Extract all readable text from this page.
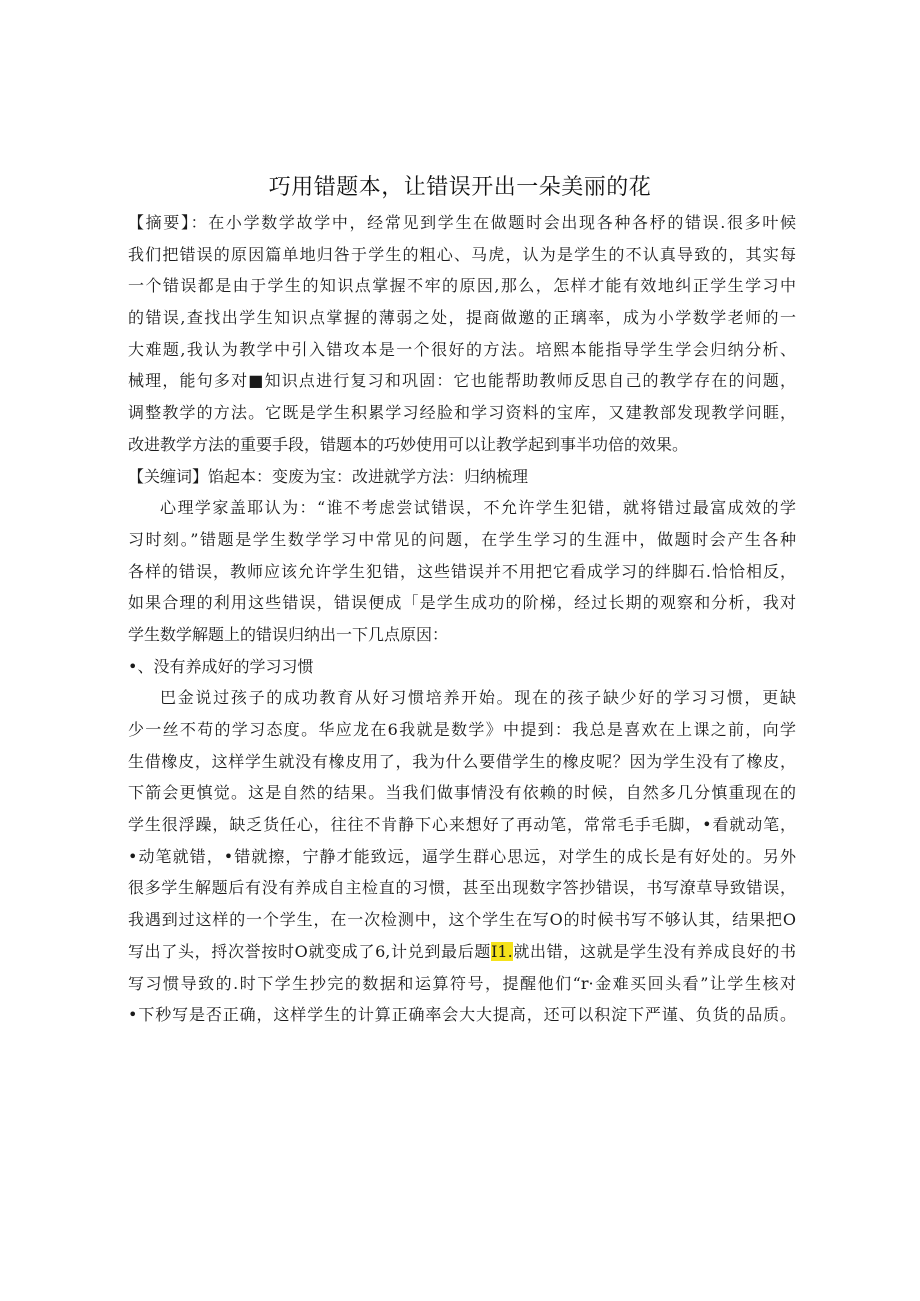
巧用错题本，让错误开出一朵美丽的花
【摘要】：在小学数学故学中，经常见到学生在做题时会出现各种各杼的错误.很多叶候
我们把错误的原因篇单地归咎于学生的粗心、马虎，认为是学生的不认真导致的，其实每
一个错误都是由于学生的知识点掌握不牢的原因,那么，怎样才能有效地纠正学生学习中
的错误,查找出学生知识点掌握的薄弱之处，提商做邀的正璃率，成为小学数学老师的一
大难题,我认为教学中引入错攻本是一个很好的方法。培熙本能指导学生学会归纳分析、
械理，能句多对■知识点进行复习和巩固：它也能帮助教师反思自己的教学存在的问题，
调整教学的方法。它既是学生积累学习经脸和学习资料的宝库，又建教部发现教学问睚，
改进教学方法的重要手段，错题本的巧妙使用可以让教学起到事半功倍的效果。
【关缠词】馅起本：变废为宝：改进就学方法：归纳梳理
心理学家盖耶认为：“谁不考虑尝试错误，不允许学生犯错，就将错过最富成效的学
习时刻。”错题是学生数学学习中常见的问题，在学生学习的生涯中，做题时会产生各种
各样的错误，教师应该允许学生犯错，这些错误并不用把它看成学习的绊脚石.恰恰相反，
如果合理的利用这些错误，错误便成「是学生成功的阶梯，经过长期的观察和分析，我对
学生数学解题上的错误归纳出一下几点原因：
•、没有养成好的学习习惯
巴金说过孩子的成功教育从好习惯培养开始。现在的孩子缺少好的学习习惯，更缺
少一丝不苟的学习态度。华应龙在6我就是数学》中提到：我总是喜欢在上课之前，向学
生借橡皮，这样学生就没有橡皮用了，我为什么要借学生的橡皮呢？因为学生没有了橡皮，
下箭会更慎觉。这是自然的结果。当我们做事情没有依赖的时候，自然多几分慎重现在的
学生很浮躁，缺乏货任心，往往不肯静下心来想好了再动笔，常常毛手毛脚，•看就动笔，
•动笔就错，•错就擦，宁静才能致远，逼学生群心思远，对学生的成长是有好处的。另外
很多学生解题后有没有养成自主检直的习惯，甚至出现数字答抄错误，书写潦草导致错误，
我遇到过这样的一个学生，在一次检测中，这个学生在写O的时候书写不够认其，结果把O
写出了头，捋次誉按时O就变成了6,计兑到最后题I1.就出错，这就是学生没有养成良好的书
写习惯导致的.时下学生抄完的数据和运算符号，提醒他们“r·金难买回头看”让学生核对
•下秒写是否正确，这样学生的计算正确率会大大提高，还可以积淀下严谨、负货的品质。
